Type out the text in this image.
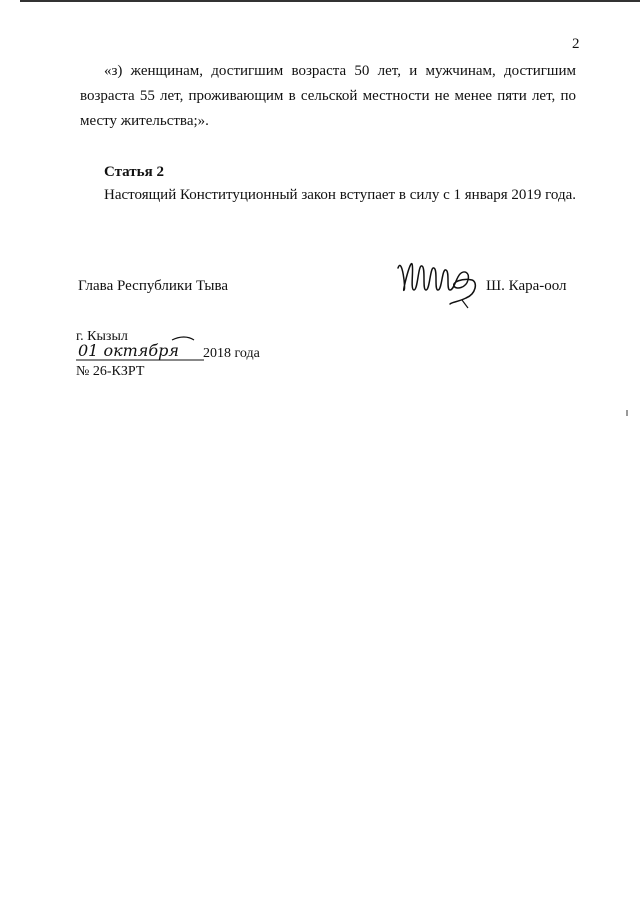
2

«з) женщинам, достигшим возраста 50 лет, и мужчинам, достигшим возраста 55 лет, проживающим в сельской местности не менее пяти лет, по месту жительства;».

Статья 2
Настоящий Конституционный закон вступает в силу с 1 января 2019 года.
Глава Республики Тыва	Ш. Кара-оол
г. Кызыл
01 октября 2018 года
№ 26-КЗРТ
